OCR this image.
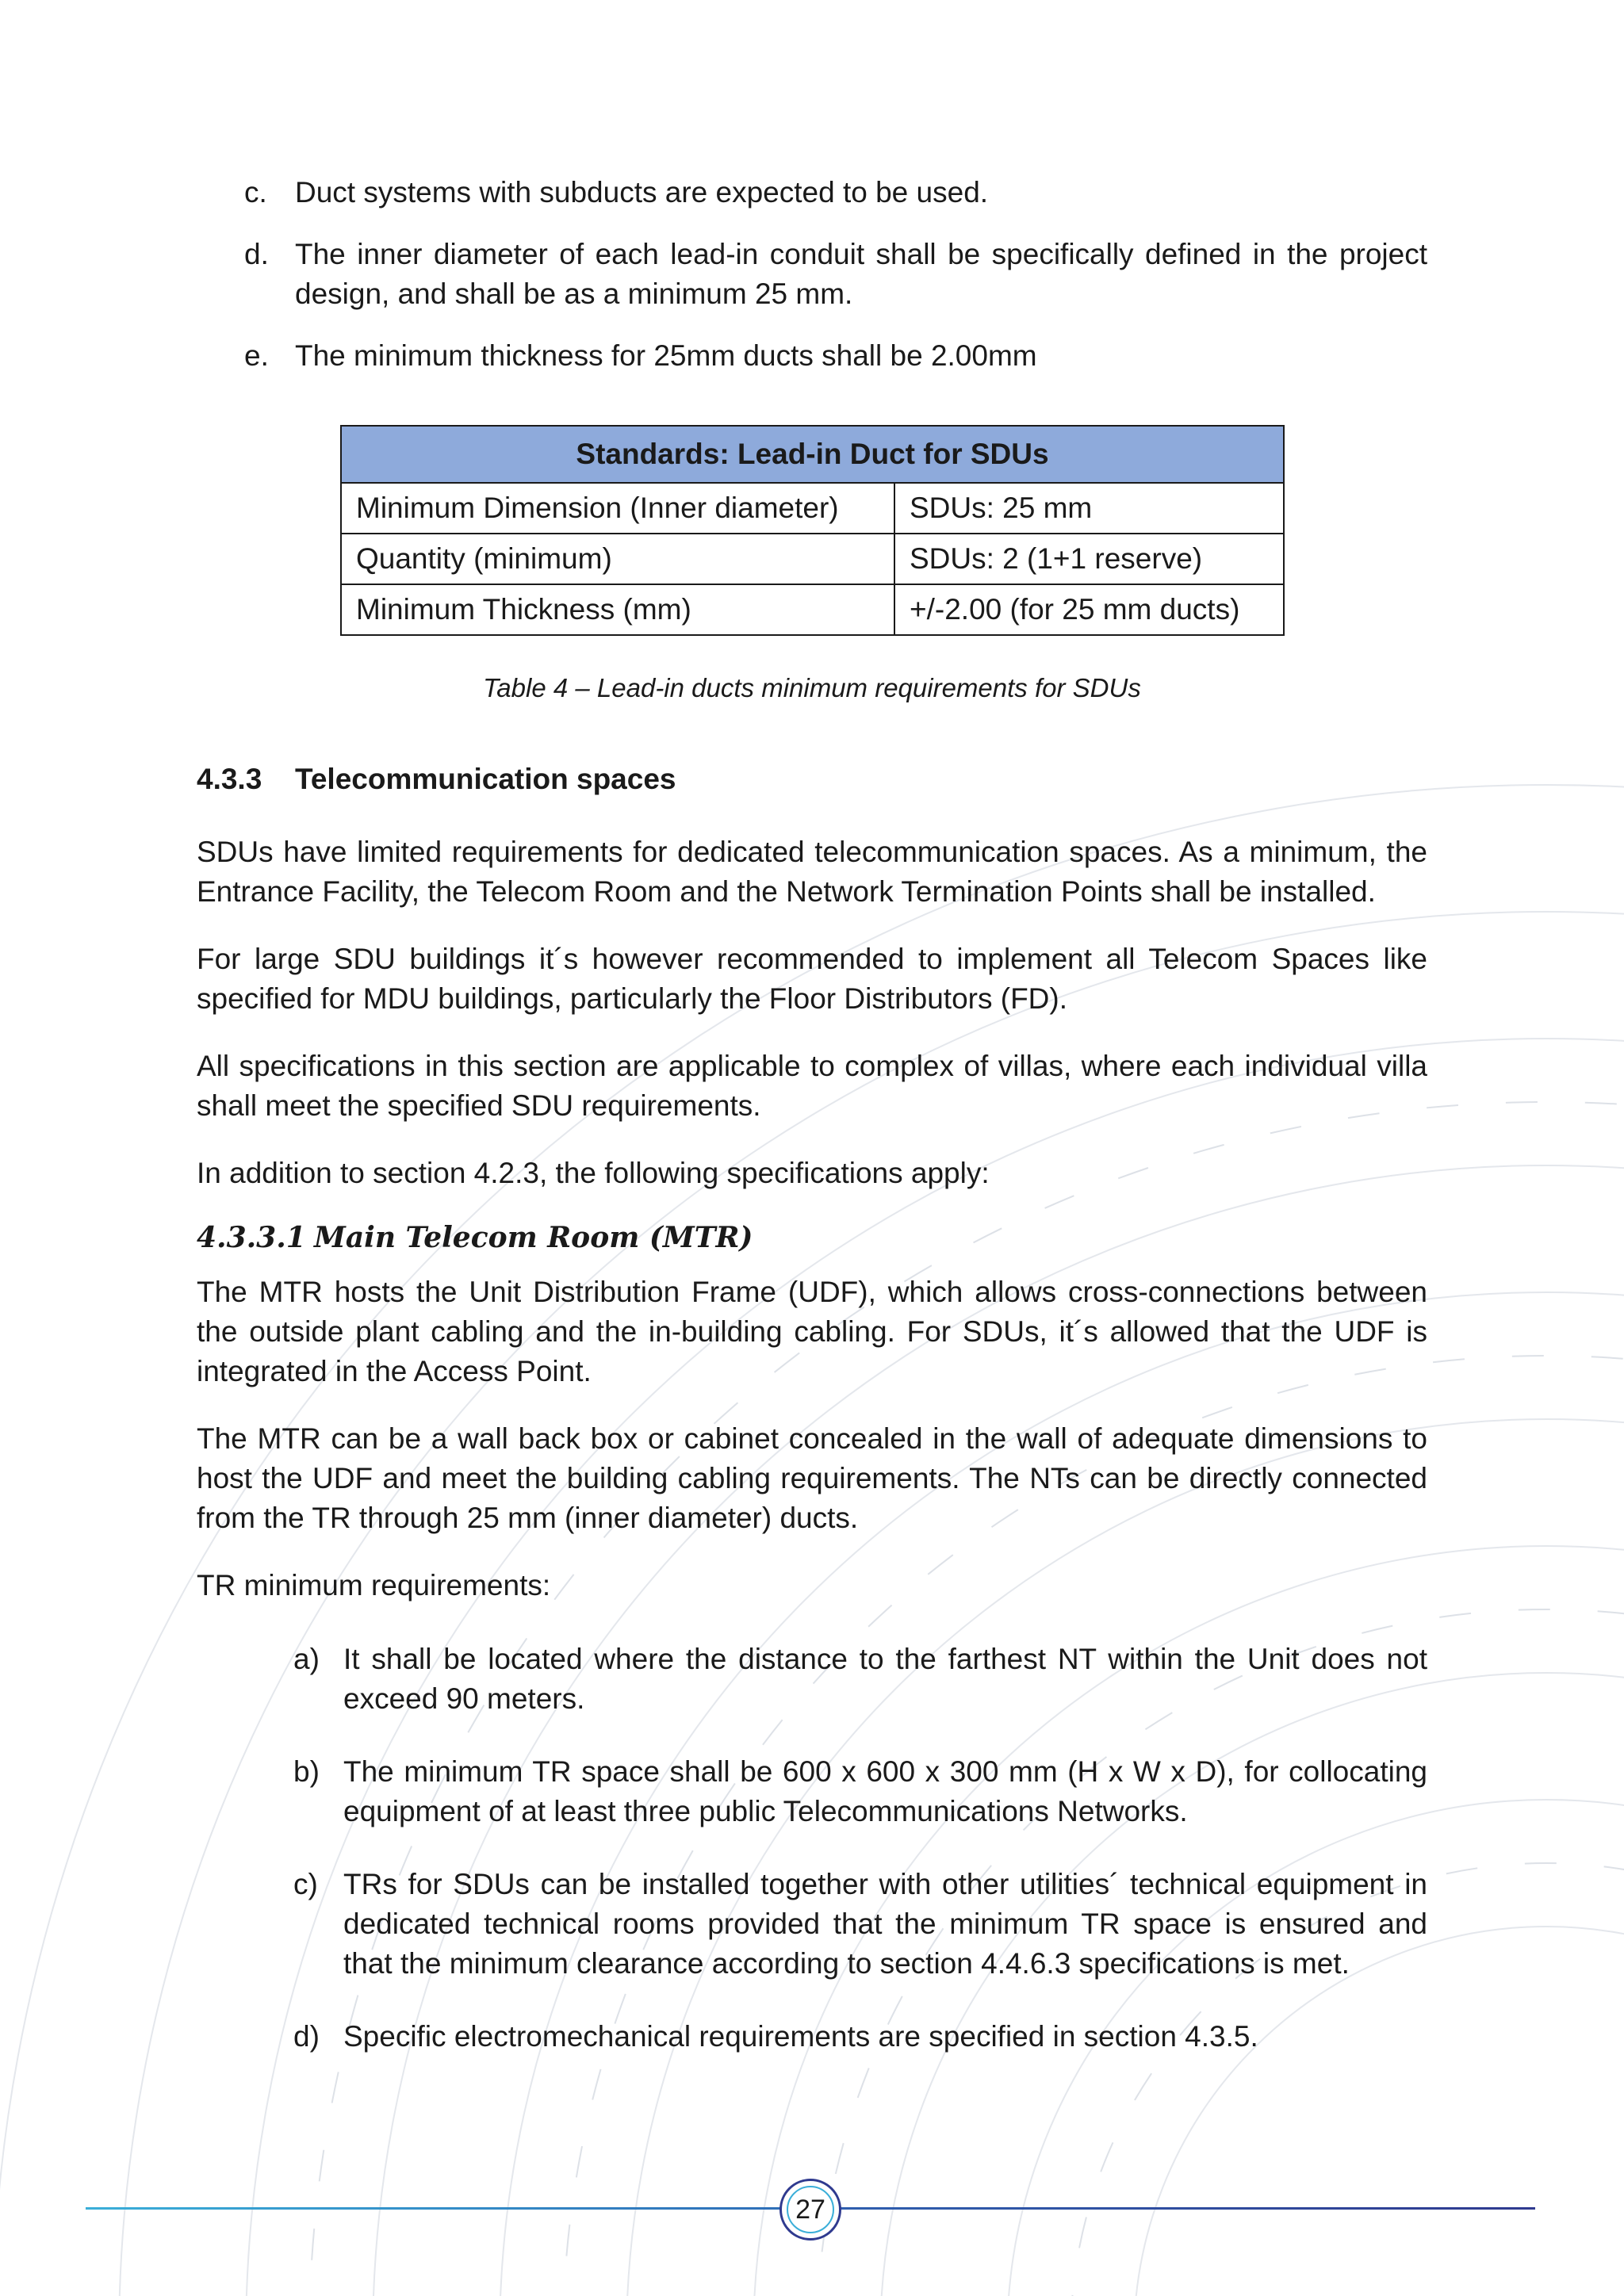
c. Duct systems with subducts are expected to be used.
d. The inner diameter of each lead-in conduit shall be specifically defined in the project design, and shall be as a minimum 25 mm.
e. The minimum thickness for 25mm ducts shall be 2.00mm
Standards: Lead-in Duct for SDUs	
Minimum Dimension (Inner diameter)	SDUs: 25 mm
Quantity (minimum)	SDUs: 2 (1+1 reserve)
Minimum Thickness (mm)	+/-2.00 (for 25 mm ducts)
Table 4 – Lead-in ducts minimum requirements for SDUs
4.3.3 Telecommunication spaces
SDUs have limited requirements for dedicated telecommunication spaces. As a minimum, the Entrance Facility, the Telecom Room and the Network Termination Points shall be installed.
For large SDU buildings it´s however recommended to implement all Telecom Spaces like specified for MDU buildings, particularly the Floor Distributors (FD).
All specifications in this section are applicable to complex of villas, where each individual villa shall meet the specified SDU requirements.
In addition to section 4.2.3, the following specifications apply:
4.3.3.1 Main Telecom Room (MTR)
The MTR hosts the Unit Distribution Frame (UDF), which allows cross-connections between the outside plant cabling and the in-building cabling. For SDUs, it´s allowed that the UDF is integrated in the Access Point.
The MTR can be a wall back box or cabinet concealed in the wall of adequate dimensions to host the UDF and meet the building cabling requirements. The NTs can be directly connected from the TR through 25 mm (inner diameter) ducts.
TR minimum requirements:
a) It shall be located where the distance to the farthest NT within the Unit does not exceed 90 meters.
b) The minimum TR space shall be 600 x 600 x 300 mm (H x W x D), for collocating equipment of at least three public Telecommunications Networks.
c) TRs for SDUs can be installed together with other utilities´ technical equipment in dedicated technical rooms provided that the minimum TR space is ensured and that the minimum clearance according to section 4.4.6.3 specifications is met.
d) Specific electromechanical requirements are specified in section 4.3.5.
27
